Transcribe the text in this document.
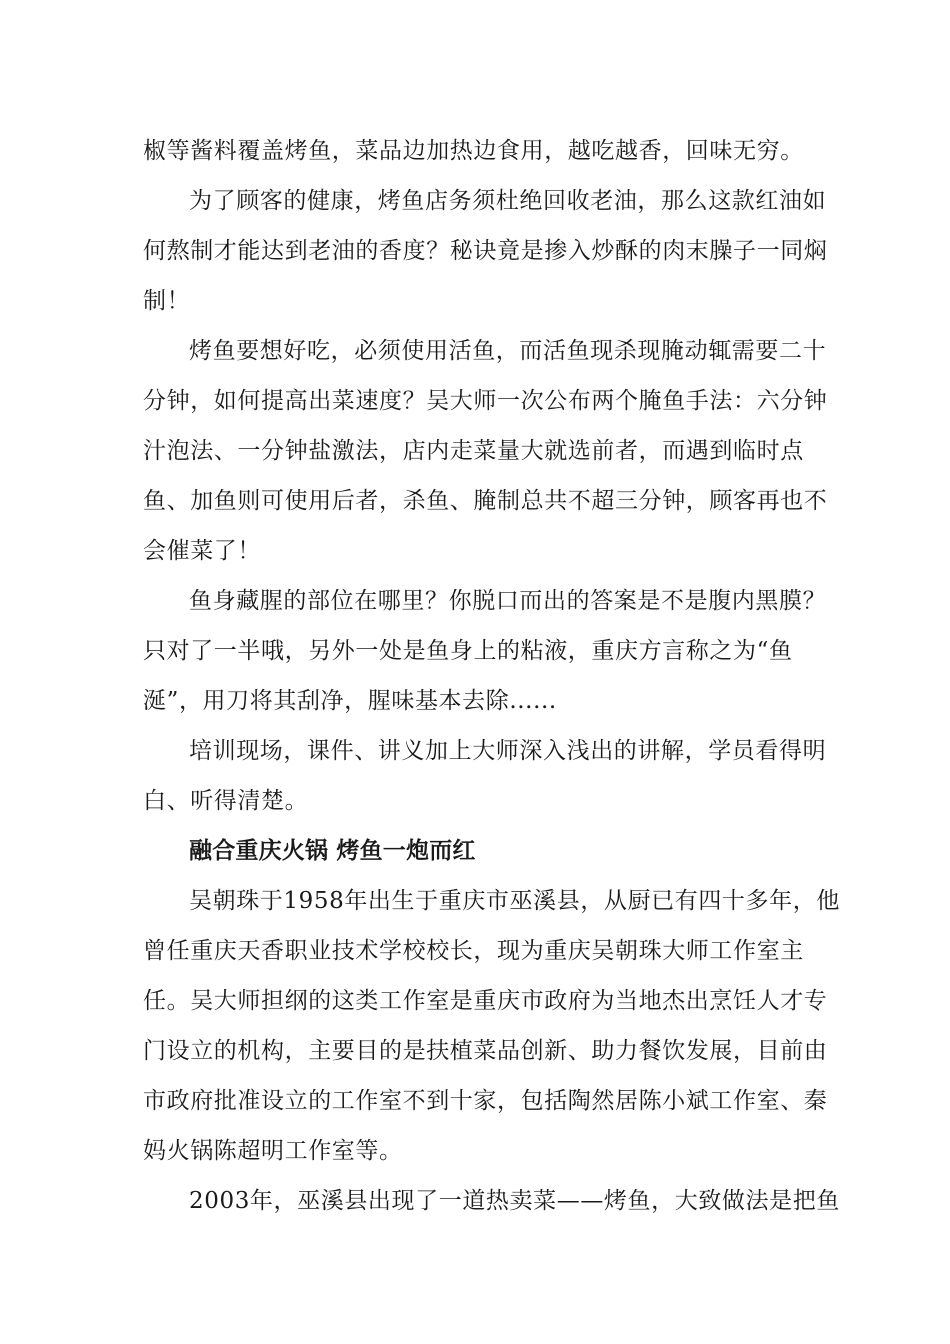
椒等酱料覆盖烤鱼，菜品边加热边食用，越吃越香，回味无穷。
为了顾客的健康，烤鱼店务须杜绝回收老油，那么这款红油如
何熬制才能达到老油的香度？秘诀竟是掺入炒酥的肉末臊子一同焖
制！
烤鱼要想好吃，必须使用活鱼，而活鱼现杀现腌动辄需要二十
分钟，如何提高出菜速度？吴大师一次公布两个腌鱼手法：六分钟
汁泡法、一分钟盐激法，店内走菜量大就选前者，而遇到临时点
鱼、加鱼则可使用后者，杀鱼、腌制总共不超三分钟，顾客再也不
会催菜了！
鱼身藏腥的部位在哪里？你脱口而出的答案是不是腹内黑膜？
只对了一半哦，另外一处是鱼身上的粘液，重庆方言称之为“鱼
涎”，用刀将其刮净，腥味基本去除......
培训现场，课件、讲义加上大师深入浅出的讲解，学员看得明
白、听得清楚。
融合重庆火锅 烤鱼一炮而红
吴朝珠于1958年出生于重庆市巫溪县，从厨已有四十多年，他
曾任重庆天香职业技术学校校长，现为重庆吴朝珠大师工作室主
任。吴大师担纲的这类工作室是重庆市政府为当地杰出烹饪人才专
门设立的机构，主要目的是扶植菜品创新、助力餐饮发展，目前由
市政府批准设立的工作室不到十家，包括陶然居陈小斌工作室、秦
妈火锅陈超明工作室等。
2003年，巫溪县出现了一道热卖菜——烤鱼，大致做法是把鱼
